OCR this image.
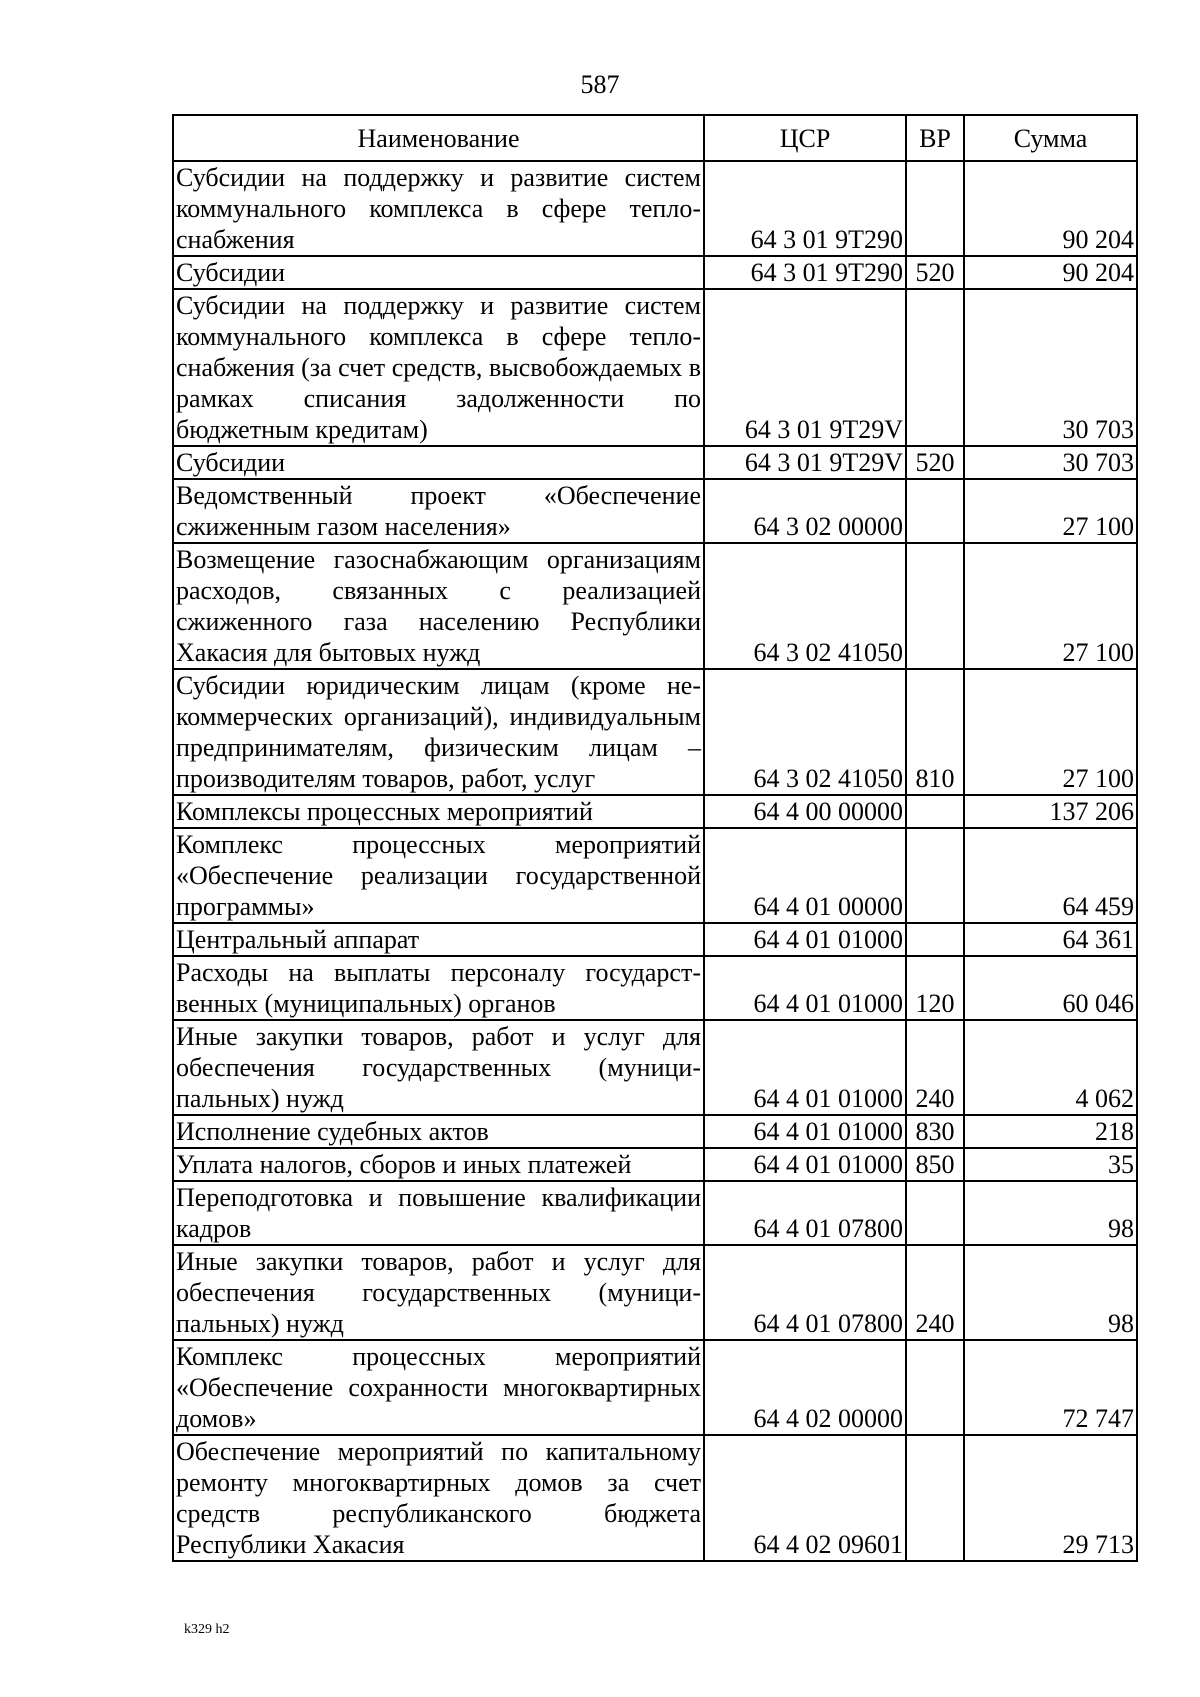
587
Наименование	ЦСР	ВР	Сумма
Субсидии на поддержку и развитие систем коммунального комплекса в сфере теплоснабжения	64 3 01 9Т290		90 204
Субсидии	64 3 01 9Т290	520	90 204
Субсидии на поддержку и развитие систем коммунального комплекса в сфере теплоснабжения (за счет средств, высвобождаемых в рамках списания задолженности по бюджетным кредитам)	64 3 01 9Т29V		30 703
Субсидии	64 3 01 9Т29V	520	30 703
Ведомственный проект «Обеспечение сжиженным газом населения»	64 3 02 00000		27 100
Возмещение газоснабжающим организациям расходов, связанных с реализацией сжиженного газа населению Республики Хакасия для бытовых нужд	64 3 02 41050		27 100
Субсидии юридическим лицам (кроме некоммерческих организаций), индивидуальным предпринимателям, физическим лицам – производителям товаров, работ, услуг	64 3 02 41050	810	27 100
Комплексы процессных мероприятий	64 4 00 00000		137 206
Комплекс процессных мероприятий «Обеспечение реализации государственной программы»	64 4 01 00000		64 459
Центральный аппарат	64 4 01 01000		64 361
Расходы на выплаты персоналу государственных (муниципальных) органов	64 4 01 01000	120	60 046
Иные закупки товаров, работ и услуг для обеспечения государственных (муниципальных) нужд	64 4 01 01000	240	4 062
Исполнение судебных актов	64 4 01 01000	830	218
Уплата налогов, сборов и иных платежей	64 4 01 01000	850	35
Переподготовка и повышение квалификации кадров	64 4 01 07800		98
Иные закупки товаров, работ и услуг для обеспечения государственных (муниципальных) нужд	64 4 01 07800	240	98
Комплекс процессных мероприятий «Обеспечение сохранности многоквартирных домов»	64 4 02 00000		72 747
Обеспечение мероприятий по капитальному ремонту многоквартирных домов за счет средств республиканского бюджета Республики Хакасия	64 4 02 09601		29 713
k329 h2
